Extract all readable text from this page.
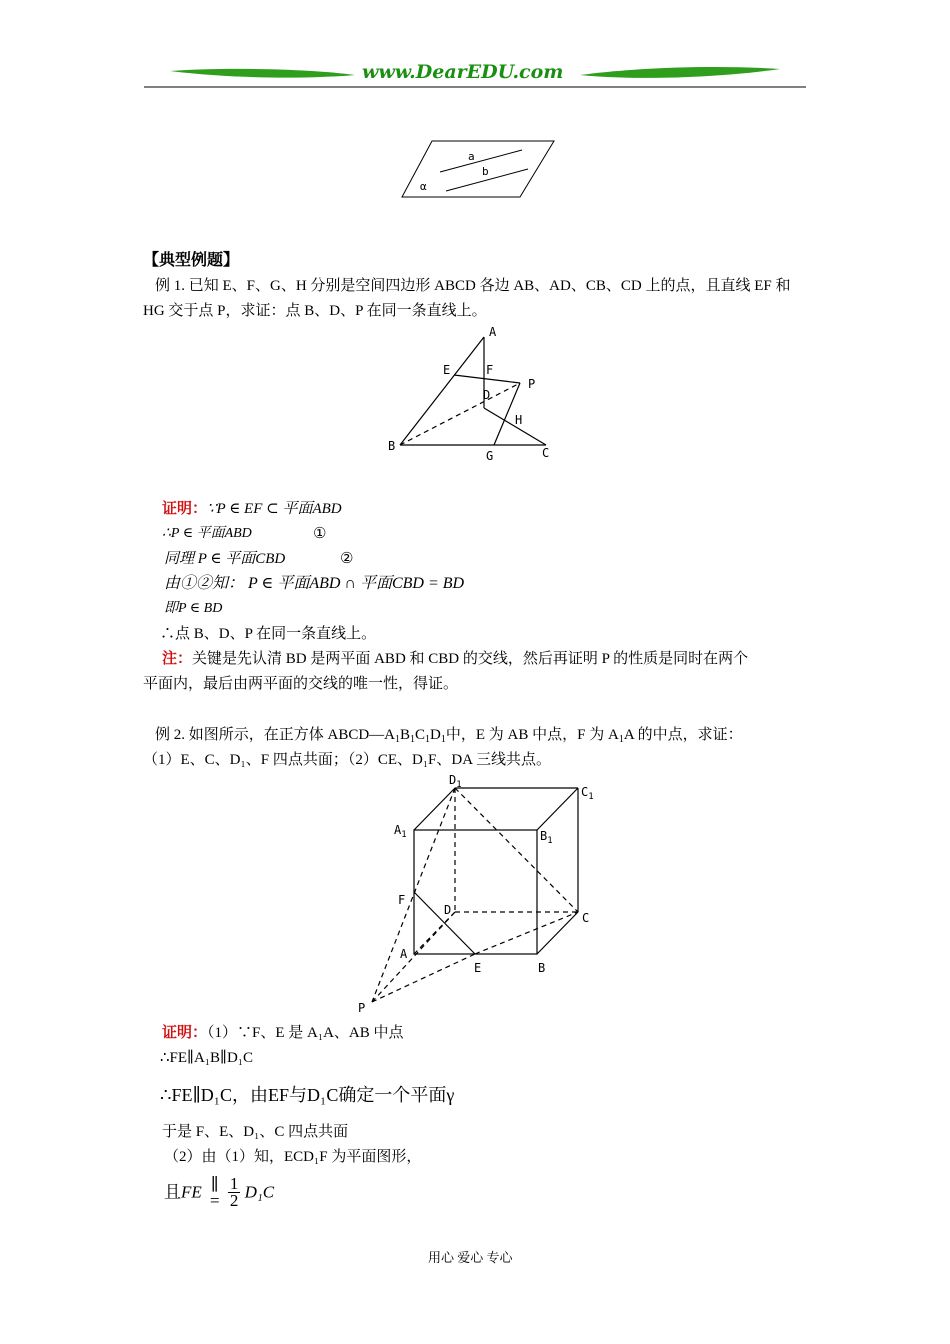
www.DearEDU.com
a
b
α
【典型例题】
例 1. 已知 E、F、G、H 分别是空间四边形 ABCD 各边 AB、AD、CB、CD 上的点，且直线 EF 和
HG 交于点 P，求证：点 B、D、P 在同一条直线上。
A
E	F
P
D
H
B
G	C
证明：∵P ∈ EF ⊂ 平面ABD
∴P ∈ 平面ABD	①
同理 P ∈ 平面CBD	②
由①②知： P ∈ 平面ABD ∩ 平面CBD = BD
即P ∈ BD
∴点 B、D、P 在同一条直线上。
注：关键是先认清 BD 是两平面 ABD 和 CBD 的交线，然后再证明 P 的性质是同时在两个
平面内，最后由两平面的交线的唯一性，得证。
例 2. 如图所示，在正方体 $ABCD—A_1B_1C_1D_1$中，E 为 AB 中点，F 为 $A_1A$ 的中点，求证：
（1）E、C、D₁、F 四点共面；（2）CE、D₁F、DA 三线共点。
$D_1$	$C_1$
$A_1$	$B_1$
F
D
C
A
E	B
P
证明：（1）∵F、E 是 A₁A、AB 中点
∴FE∥A₁B∥D₁C
∴FE∥D₁C，由EF与D₁C确定一个平面γ
于是 F、E、D₁、C 四点共面
（2）由（1）知，ECD₁F 为平面图形，
且FE ∥
=
$\frac{1}{2} D_1C$
用心 爱心 专心
